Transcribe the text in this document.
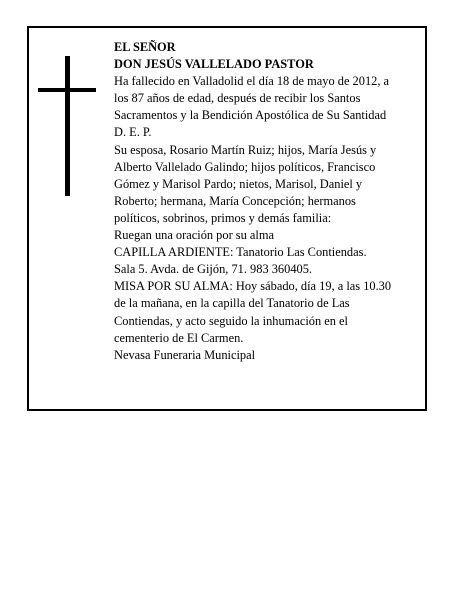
EL SEÑOR
DON JESÚS VALLELADO PASTOR
Ha fallecido en Valladolid el día 18 de mayo de 2012, a
los 87 años de edad, después de recibir los Santos
Sacramentos y la Bendición Apostólica de Su Santidad
D. E. P.
Su esposa, Rosario Martín Ruiz; hijos, María Jesús y
Alberto Vallelado Galindo; hijos políticos, Francisco
Gómez y Marisol Pardo; nietos, Marisol, Daniel y
Roberto; hermana, María Concepción; hermanos
políticos, sobrinos, primos y demás familia:
Ruegan una oración por su alma
CAPILLA ARDIENTE: Tanatorio Las Contiendas.
Sala 5. Avda. de Gijón, 71. 983 360405.
MISA POR SU ALMA: Hoy sábado, día 19, a las 10.30
de la mañana, en la capilla del Tanatorio de Las
Contiendas, y acto seguido la inhumación en el
cementerio de El Carmen.
Nevasa Funeraria Municipal
